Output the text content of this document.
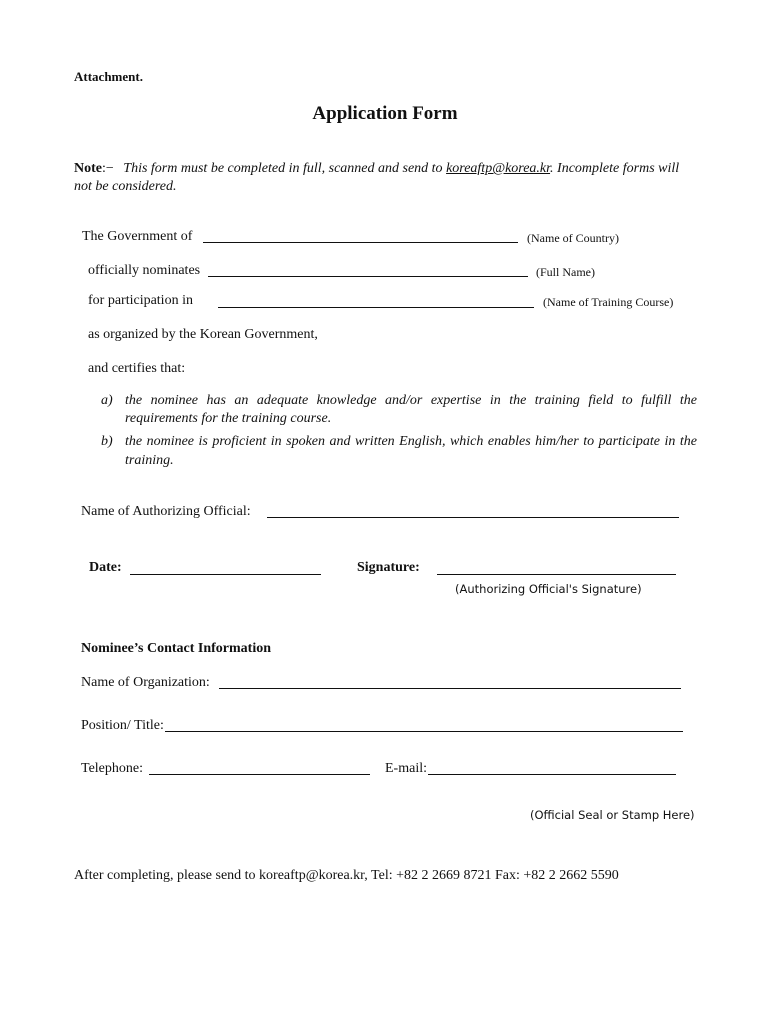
Attachment.
Application Form
Note:− This form must be completed in full, scanned and send to koreaftp@korea.kr. Incomplete forms will
not be considered.
The Government of	(Name of Country)
officially nominates	(Full Name)
for participation in	(Name of Training Course)
as organized by the Korean Government,
and certifies that:
a) the nominee has an adequate knowledge and/or expertise in the training field to fulfill the
requirements for the training course.
b) the nominee is proficient in spoken and written English, which enables him/her to participate in the
training.
Name of Authorizing Official:
Date:	Signature:
(Authorizing Official's Signature)
Nominee’s Contact Information
Name of Organization:
Position/ Title:
Telephone:	E-mail:
(Official Seal or Stamp Here)
After completing, please send to koreaftp@korea.kr, Tel: +82 2 2669 8721 Fax: +82 2 2662 5590
